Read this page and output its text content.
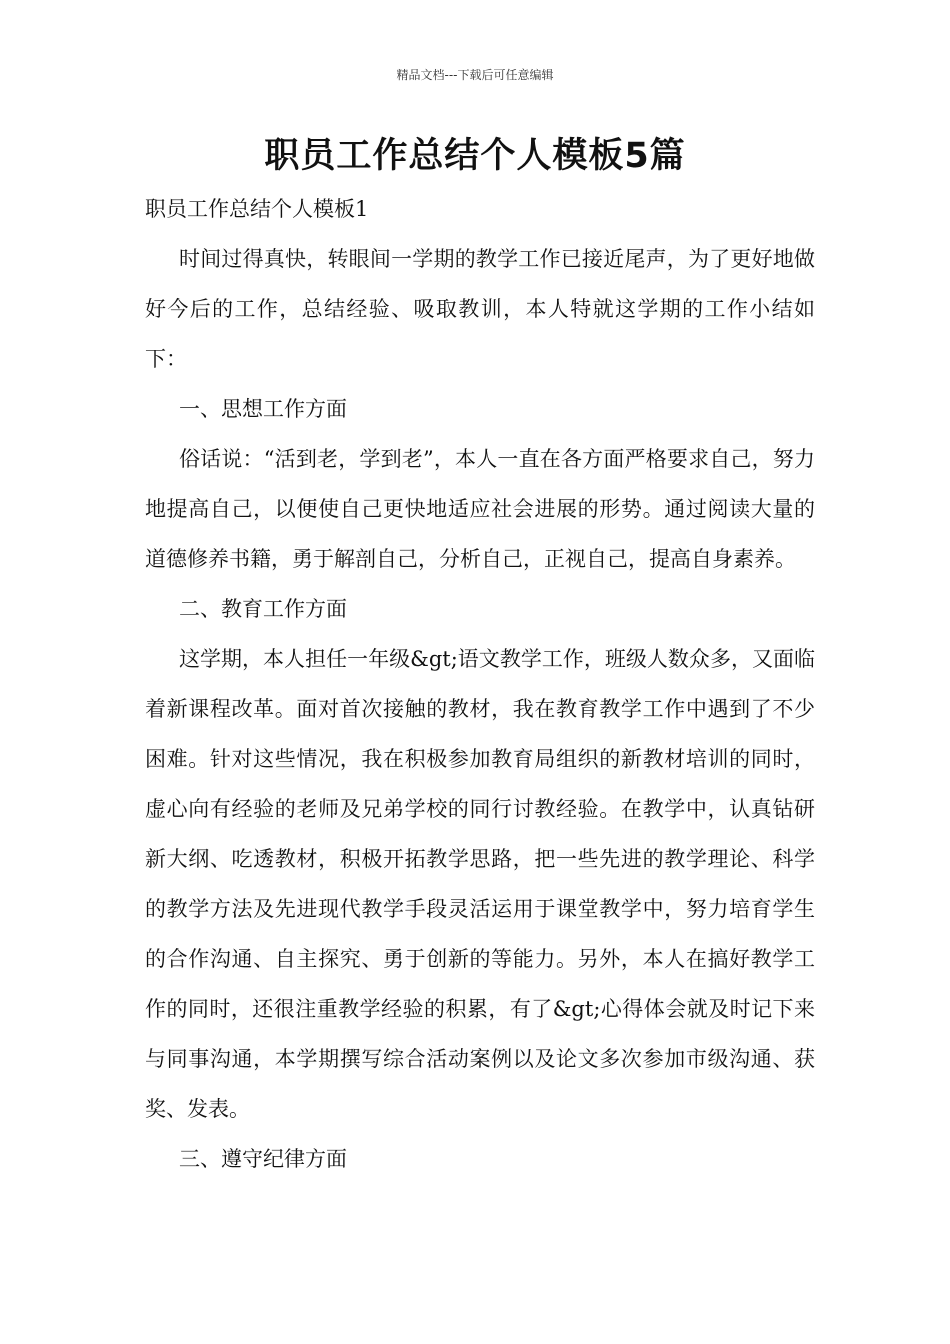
精品文档---下载后可任意编辑
职员工作总结个人模板5篇

职员工作总结个人模板1

时间过得真快，转眼间一学期的教学工作已接近尾声，为了更好地做好今后的工作，总结经验、吸取教训，本人特就这学期的工作小结如下：

一、思想工作方面

俗话说：“活到老，学到老”，本人一直在各方面严格要求自己，努力地提高自己，以便使自己更快地适应社会进展的形势。通过阅读大量的道德修养书籍，勇于解剖自己，分析自己，正视自己，提高自身素养。

二、教育工作方面

这学期，本人担任一年级&gt;语文教学工作，班级人数众多，又面临着新课程改革。面对首次接触的教材，我在教育教学工作中遇到了不少困难。针对这些情况，我在积极参加教育局组织的新教材培训的同时，虚心向有经验的老师及兄弟学校的同行讨教经验。在教学中，认真钻研新大纲、吃透教材，积极开拓教学思路，把一些先进的教学理论、科学的教学方法及先进现代教学手段灵活运用于课堂教学中，努力培育学生的合作沟通、自主探究、勇于创新的等能力。另外，本人在搞好教学工作的同时，还很注重教学经验的积累，有了&gt;心得体会就及时记下来与同事沟通，本学期撰写综合活动案例以及论文多次参加市级沟通、获奖、发表。

三、遵守纪律方面
